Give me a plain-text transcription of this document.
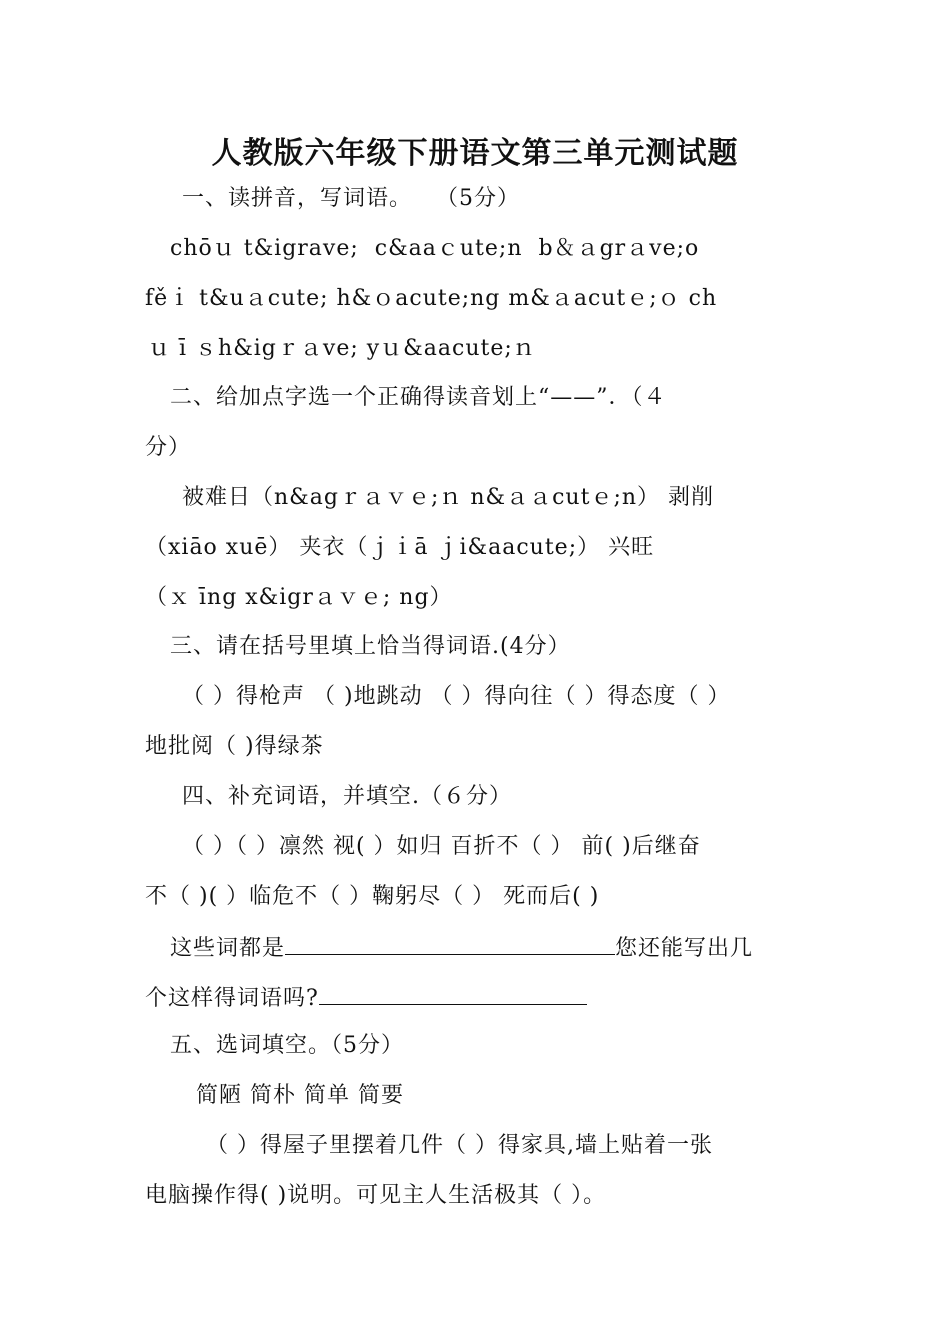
人教版六年级下册语文第三单元测试题
一、读拼音，写词语。   （5分）
chōｕ t&igrave;  c&aaｃute;n  b＆ａgrａve;o
fěｉ t&uａcute; h&ｏacute;ng m&ａacutｅ;ｏ ch
ｕ ī ｓh&igｒａve; yｕ&aacute;ｎ
二、给加点字选一个正确得读音划上“——”．（４
分）
被难日（n&agｒａｖｅ;ｎ n&ａａcutｅ;n） 剥削
（xiāo xuē） 夹衣（ｊｉā ｊi&aacute;） 兴旺
（ｘ īng x&igrａｖｅ; ng）
三、请在括号里填上恰当得词语.(4分）
（ ）得枪声 （ )地跳动 （ ）得向往（ ）得态度（ ）
地批阅（ )得绿茶
四、补充词语，并填空.（６分）
（ ）（ ）凛然 视( ）如归 百折不（ ） 前( )后继奋
不（ )( ）临危不（ ）鞠躬尽（ ） 死而后( )
这些词都是	您还能写出几
个这样得词语吗?
五、选词填空。（5分）
简陋 简朴 简单 简要
（ ）得屋子里摆着几件（ ）得家具,墙上贴着一张
电脑操作得( )说明。可见主人生活极其（ ）。
